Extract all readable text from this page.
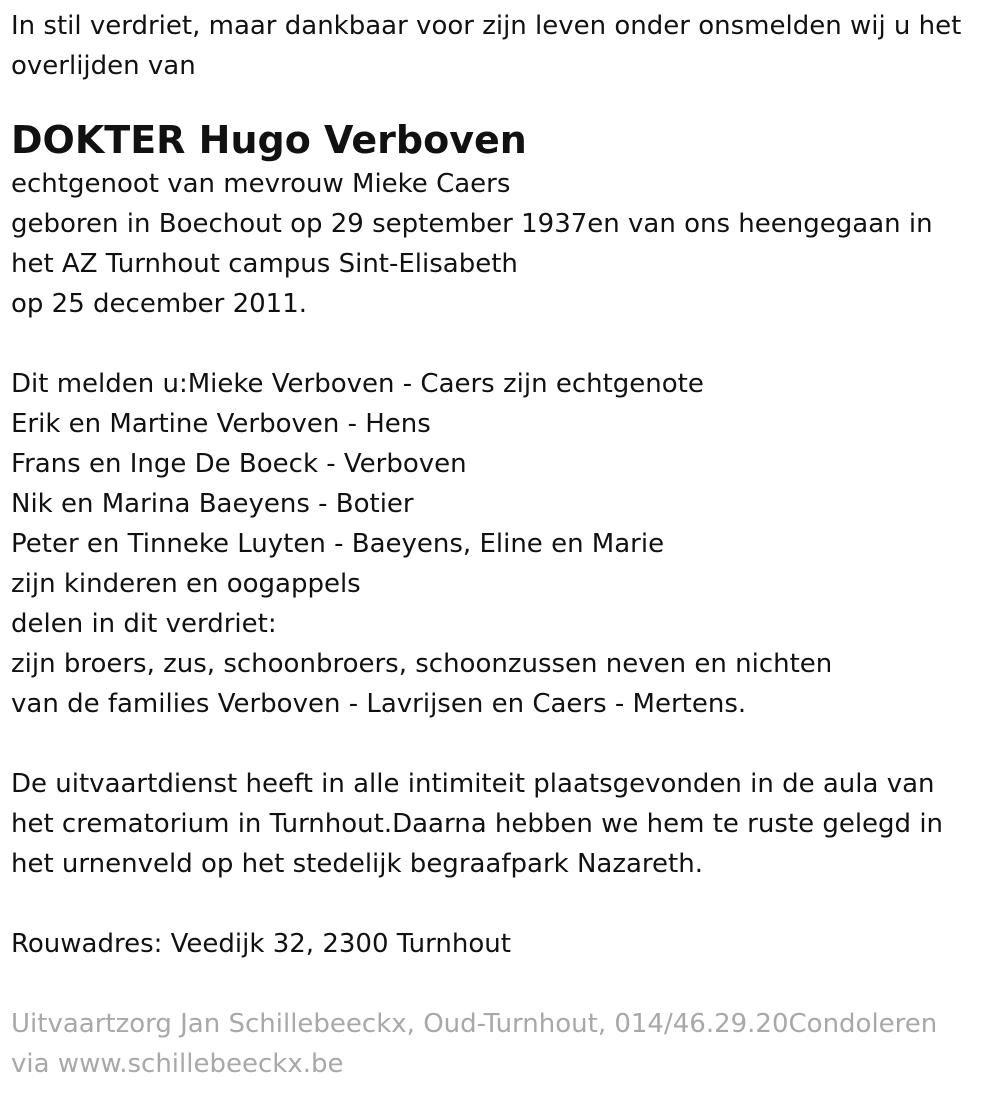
In stil verdriet, maar dankbaar voor zijn leven onder onsmelden wij u het
overlijden van
DOKTER Hugo Verboven
echtgenoot van mevrouw Mieke Caers
geboren in Boechout op 29 september 1937en van ons heengegaan in
het AZ Turnhout campus Sint-Elisabeth
op 25 december 2011.
Dit melden u:Mieke Verboven - Caers zijn echtgenote
Erik en Martine Verboven - Hens
Frans en Inge De Boeck - Verboven
Nik en Marina Baeyens - Botier
Peter en Tinneke Luyten - Baeyens, Eline en Marie
zijn kinderen en oogappels
delen in dit verdriet:
zijn broers, zus, schoonbroers, schoonzussen neven en nichten
van de families Verboven - Lavrijsen en Caers - Mertens.
De uitvaartdienst heeft in alle intimiteit plaatsgevonden in de aula van
het crematorium in Turnhout.Daarna hebben we hem te ruste gelegd in
het urnenveld op het stedelijk begraafpark Nazareth.
Rouwadres: Veedijk 32, 2300 Turnhout
Uitvaartzorg Jan Schillebeeckx, Oud-Turnhout, 014/46.29.20Condoleren
via www.schillebeeckx.be
